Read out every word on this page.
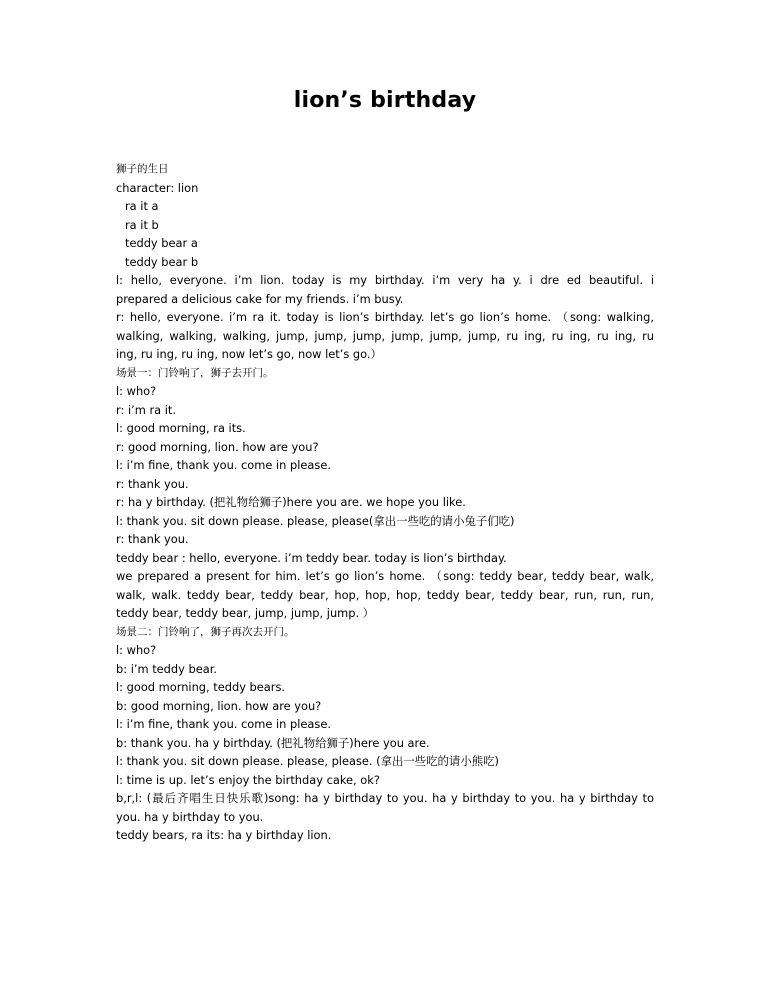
lion’s birthday
狮子的生日
character: lion
ra it a
ra it b
teddy bear a
teddy bear b
l: hello, everyone. i’m lion. today is my birthday. i’m very ha y. i dre ed beautiful. i
prepared a delicious cake for my friends. i’m busy.
r: hello, everyone. i’m ra it. today is lion’s birthday. let’s go lion’s home. （song: walking,
walking, walking, walking, jump, jump, jump, jump, jump, jump, ru ing, ru ing, ru ing, ru
ing, ru ing, ru ing, now let’s go, now let’s go.）
场景一：门铃响了，狮子去开门。
l: who?
r: i’m ra it.
l: good morning, ra its.
r: good morning, lion. how are you?
l: i’m fine, thank you. come in please.
r: thank you.
r: ha y birthday. (把礼物给狮子)here you are. we hope you like.
l: thank you. sit down please. please, please(拿出一些吃的请小兔子们吃)
r: thank you.
teddy bear : hello, everyone. i’m teddy bear. today is lion’s birthday.
we prepared a present for him. let’s go lion’s home. （song: teddy bear, teddy bear, walk,
walk, walk. teddy bear, teddy bear, hop, hop, hop, teddy bear, teddy bear, run, run, run,
teddy bear, teddy bear, jump, jump, jump. ）
场景二：门铃响了，狮子再次去开门。
l: who?
b: i’m teddy bear.
l: good morning, teddy bears.
b: good morning, lion. how are you?
l: i’m fine, thank you. come in please.
b: thank you. ha y birthday. (把礼物给狮子)here you are.
l: thank you. sit down please. please, please. (拿出一些吃的请小熊吃)
l: time is up. let’s enjoy the birthday cake, ok?
b,r,l: (最后齐唱生日快乐歌)song: ha y birthday to you. ha y birthday to you. ha y birthday to
you. ha y birthday to you.
teddy bears, ra its: ha y birthday lion.
